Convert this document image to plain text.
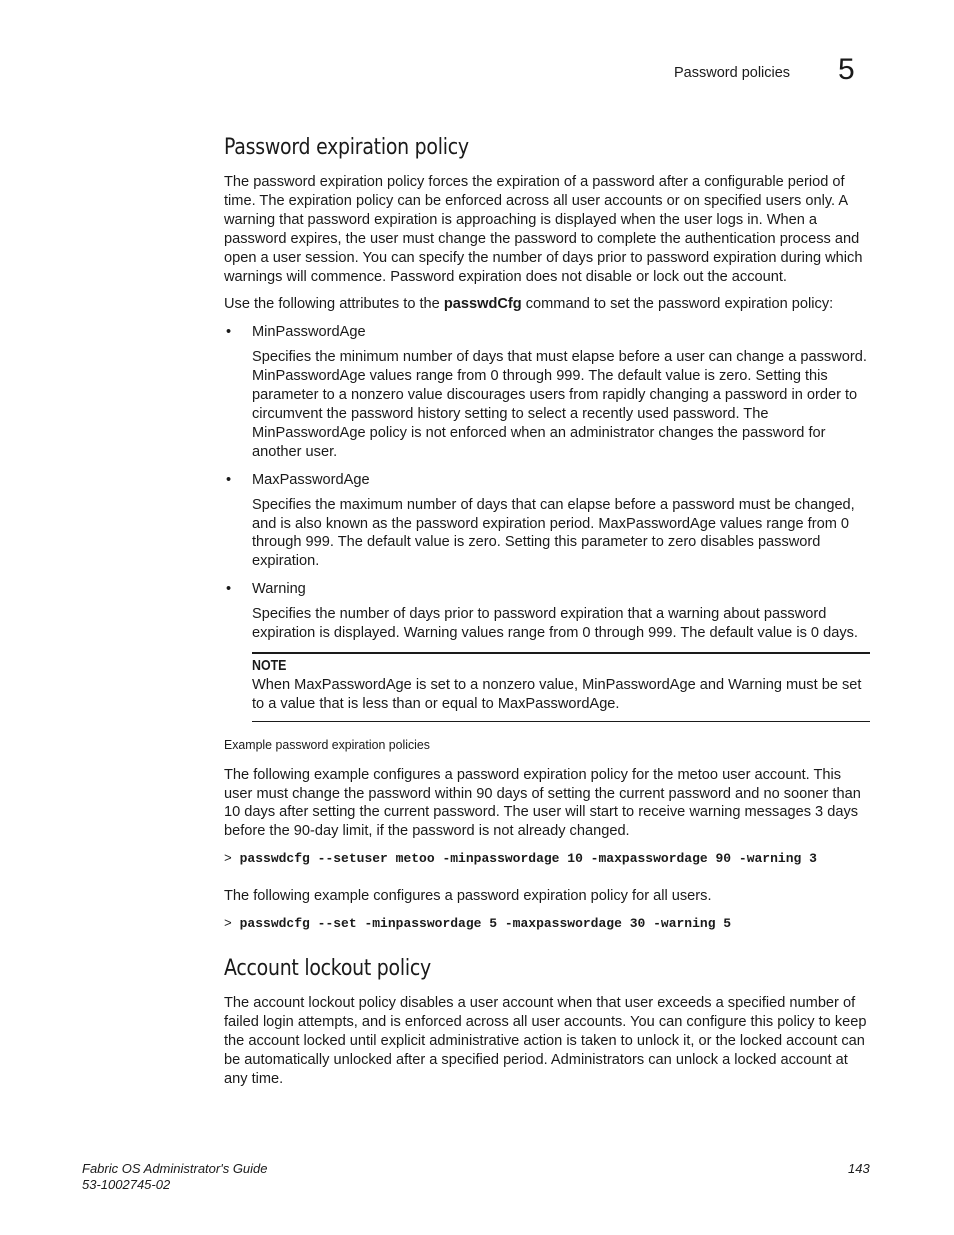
Password policies 5
Password expiration policy

The password expiration policy forces the expiration of a password after a configurable period of time. The expiration policy can be enforced across all user accounts or on specified users only. A warning that password expiration is approaching is displayed when the user logs in. When a password expires, the user must change the password to complete the authentication process and open a user session. You can specify the number of days prior to password expiration during which warnings will commence. Password expiration does not disable or lock out the account.

Use the following attributes to the passwdCfg command to set the password expiration policy:

• MinPasswordAge
Specifies the minimum number of days that must elapse before a user can change a password. MinPasswordAge values range from 0 through 999. The default value is zero. Setting this parameter to a nonzero value discourages users from rapidly changing a password in order to circumvent the password history setting to select a recently used password. The MinPasswordAge policy is not enforced when an administrator changes the password for another user.
• MaxPasswordAge
Specifies the maximum number of days that can elapse before a password must be changed, and is also known as the password expiration period. MaxPasswordAge values range from 0 through 999. The default value is zero. Setting this parameter to zero disables password expiration.
• Warning
Specifies the number of days prior to password expiration that a warning about password expiration is displayed. Warning values range from 0 through 999. The default value is 0 days.
NOTE
When MaxPasswordAge is set to a nonzero value, MinPasswordAge and Warning must be set to a value that is less than or equal to MaxPasswordAge.
Example password expiration policies

The following example configures a password expiration policy for the metoo user account. This user must change the password within 90 days of setting the current password and no sooner than 10 days after setting the current password. The user will start to receive warning messages 3 days before the 90-day limit, if the password is not already changed.

> passwdcfg --setuser metoo -minpasswordage 10 -maxpasswordage 90 -warning 3

The following example configures a password expiration policy for all users.

> passwdcfg --set -minpasswordage 5 -maxpasswordage 30 -warning 5
Account lockout policy

The account lockout policy disables a user account when that user exceeds a specified number of failed login attempts, and is enforced across all user accounts. You can configure this policy to keep the account locked until explicit administrative action is taken to unlock it, or the locked account can be automatically unlocked after a specified period. Administrators can unlock a locked account at any time.

Fabric OS Administrator's Guide
53-1002745-02
143
